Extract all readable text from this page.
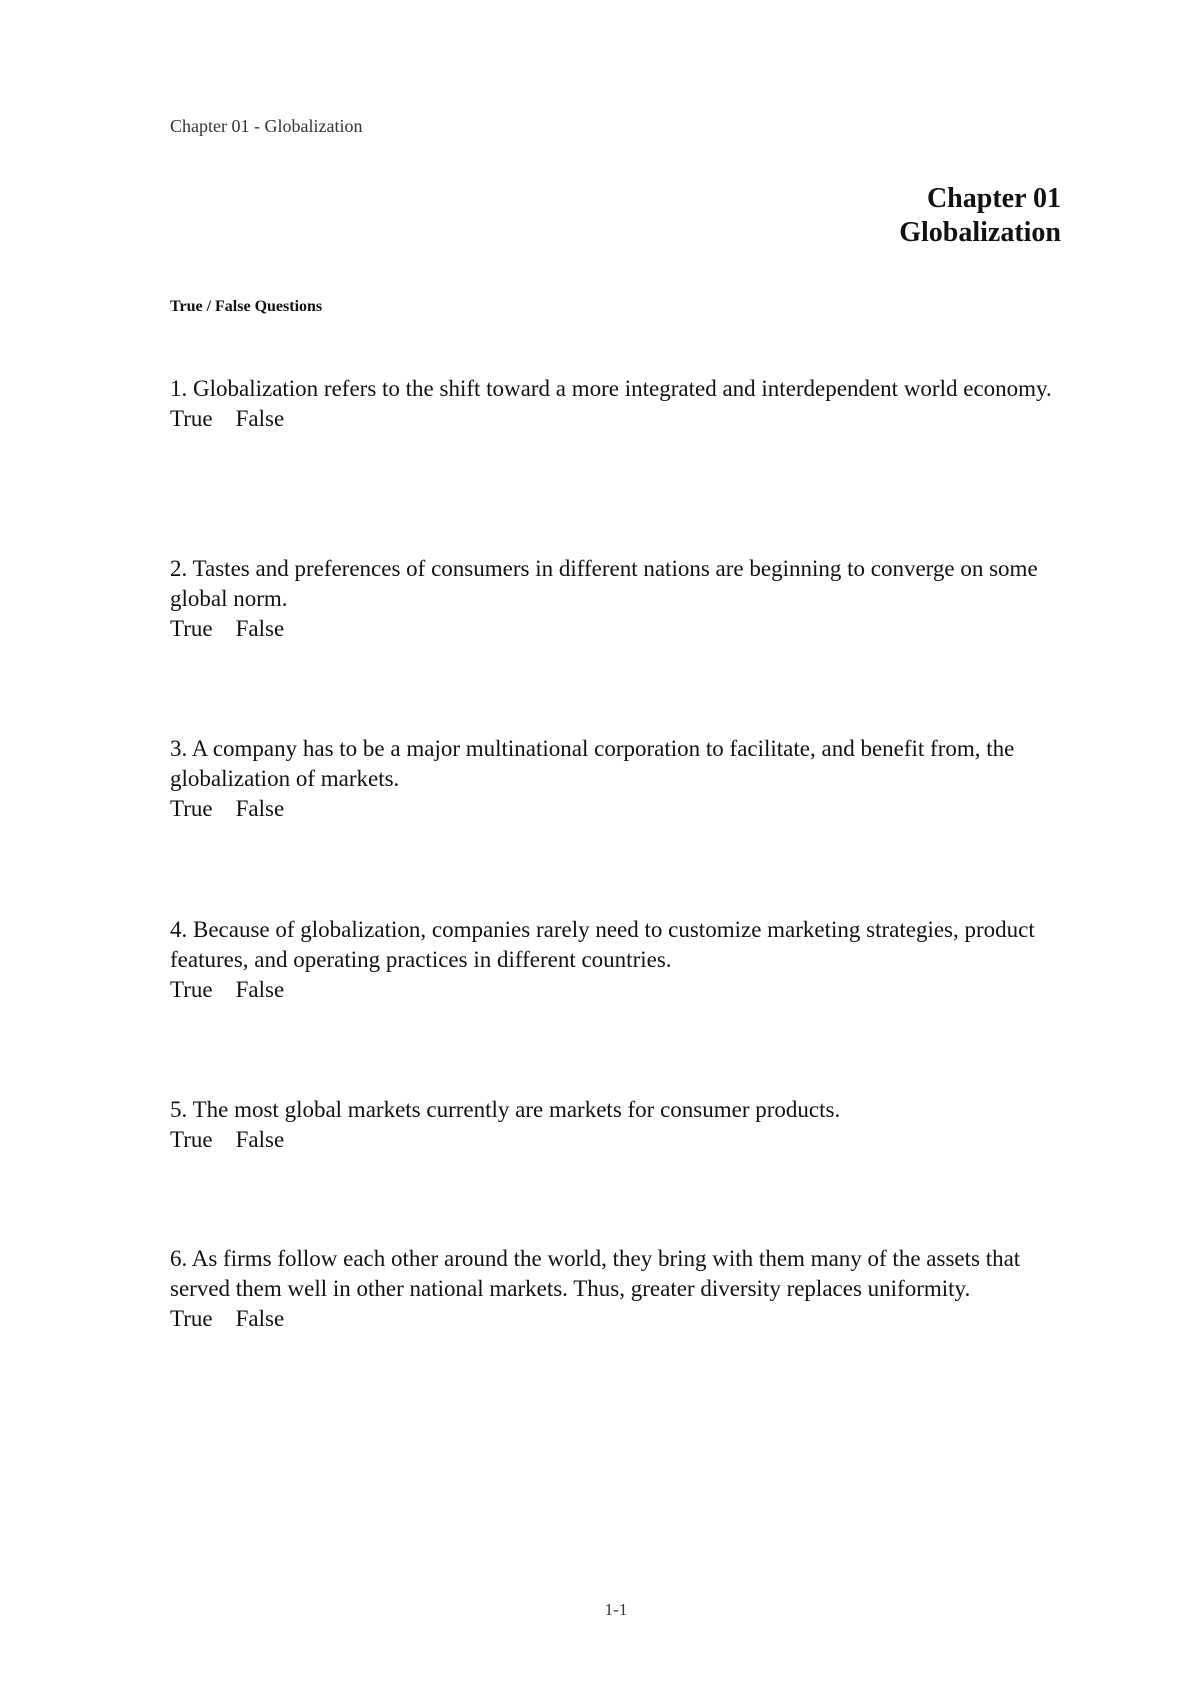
Chapter 01 - Globalization
Chapter 01
Globalization
True / False Questions
1. Globalization refers to the shift toward a more integrated and interdependent world economy.
True False
2. Tastes and preferences of consumers in different nations are beginning to converge on some global norm.
True False
3. A company has to be a major multinational corporation to facilitate, and benefit from, the globalization of markets.
True False
4. Because of globalization, companies rarely need to customize marketing strategies, product features, and operating practices in different countries.
True False
5. The most global markets currently are markets for consumer products.
True False
6. As firms follow each other around the world, they bring with them many of the assets that served them well in other national markets. Thus, greater diversity replaces uniformity.
True False
1-1
